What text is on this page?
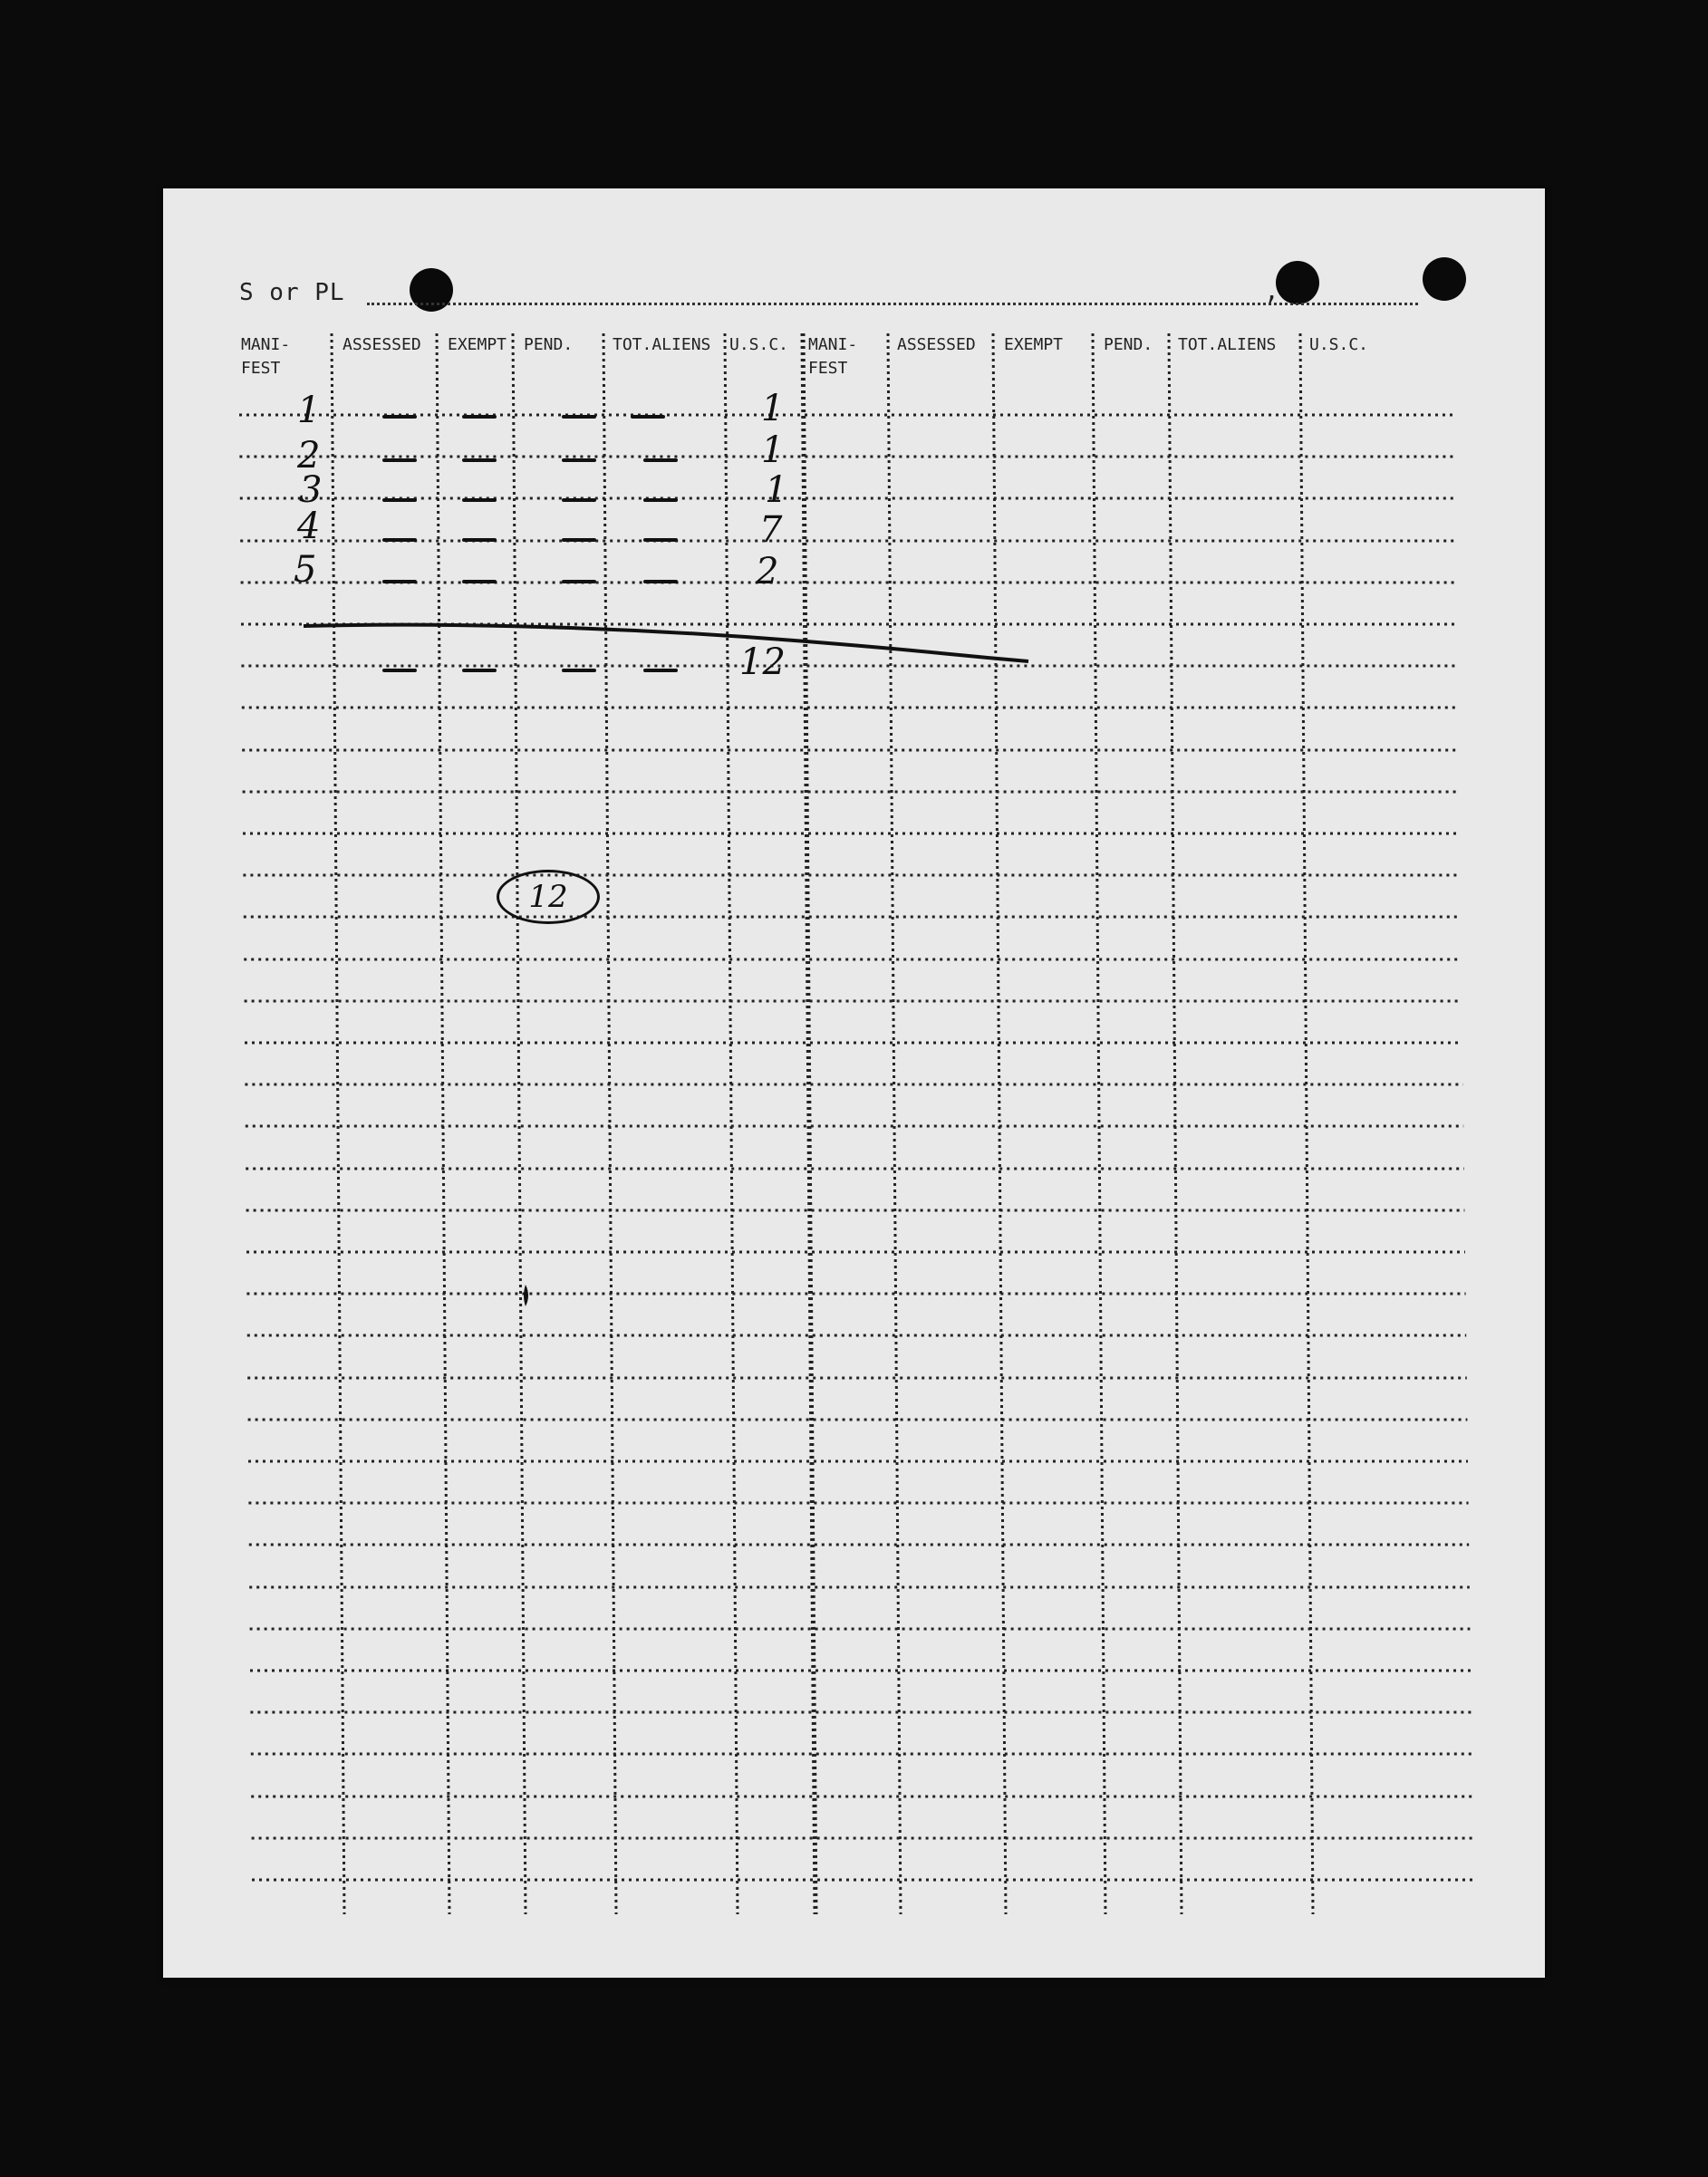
S or PL	,
MANI-
FEST
ASSESSED EXEMPT PEND. TOT.ALIENS U.S.C. MANI-
FEST
ASSESSED EXEMPT PEND. TOT.ALIENS U.S.C.
1
2
3
4
5
1
1
1
7
2
12
12
